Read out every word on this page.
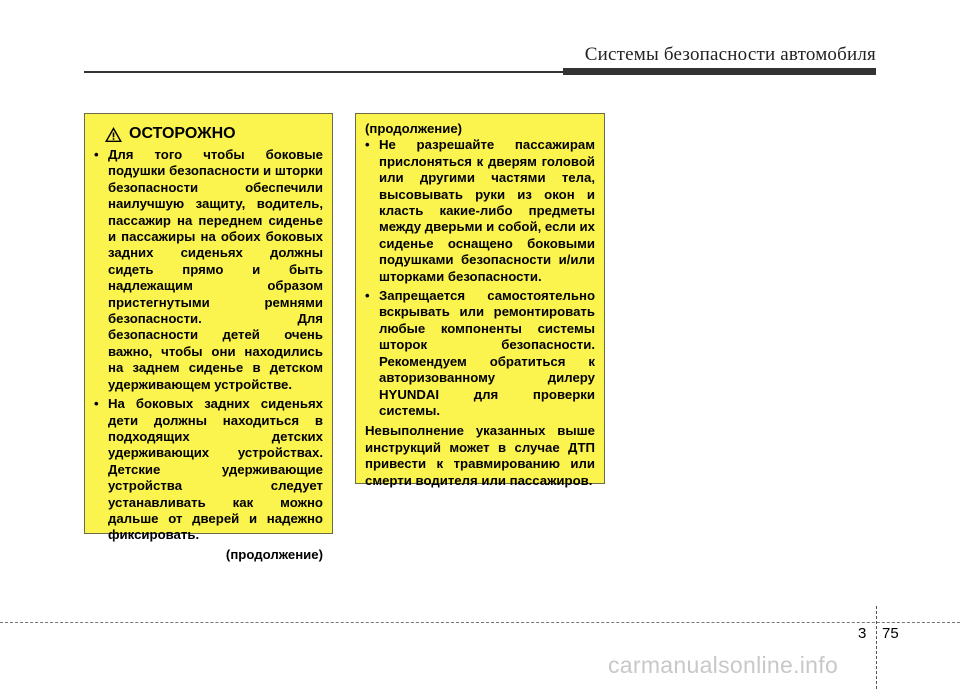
Системы безопасности автомобиля
ОСТОРОЖНО
• Для того чтобы боковые подушки безопасности и шторки безопасности обеспечили наилучшую защиту, водитель, пассажир на переднем сиденье и пассажиры на обоих боковых задних сиденьях должны сидеть прямо и быть надлежащим образом пристегнутыми ремнями безопасности. Для безопасности детей очень важно, чтобы они находились на заднем сиденье в детском удерживающем устройстве.
• На боковых задних сиденьях дети должны находиться в подходящих детских удерживающих устройствах. Детские удерживающие устройства следует устанавливать как можно дальше от дверей и надежно фиксировать.
(продолжение)
(продолжение)
• Не разрешайте пассажирам прислоняться к дверям головой или другими частями тела, высовывать руки из окон и класть какие-либо предметы между дверьми и собой, если их сиденье оснащено боковыми подушками безопасности и/или шторками безопасности.
• Запрещается самостоятельно вскрывать или ремонтировать любые компоненты системы шторок безопасности. Рекомендуем обратиться к авторизованному дилеру HYUNDAI для проверки системы.
Невыполнение указанных выше инструкций может в случае ДТП привести к травмированию или смерти водителя или пассажиров.
3 75
carmanualsonline.info
